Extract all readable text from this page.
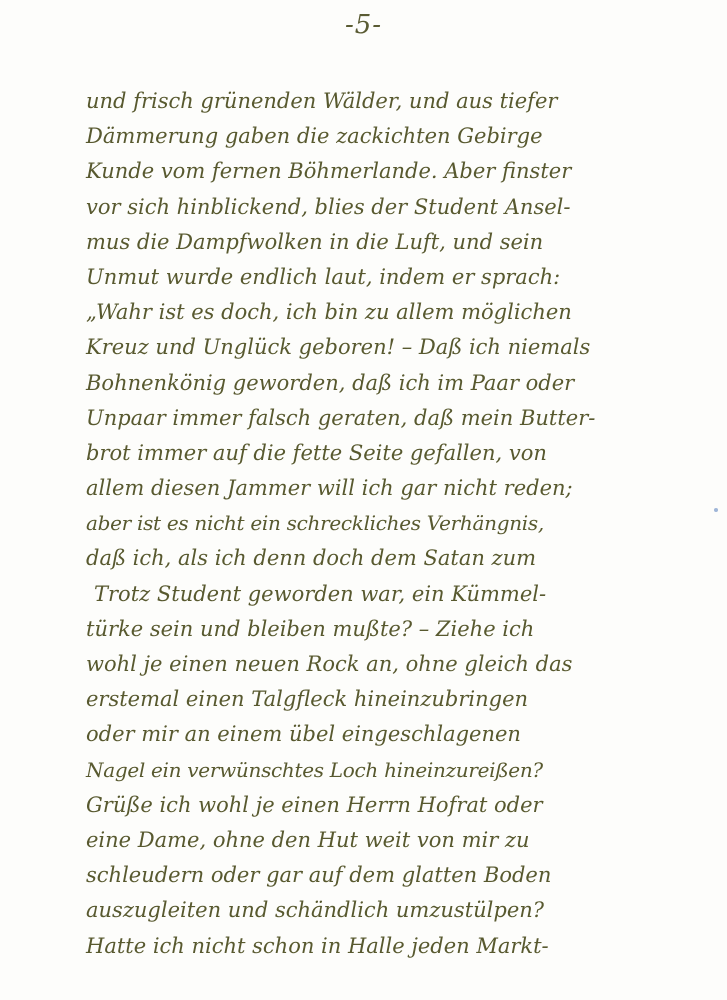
-5-
und frisch grünenden Wälder, und aus tiefer
Dämmerung gaben die zackichten Gebirge
Kunde vom fernen Böhmerlande. Aber finster
vor sich hinblickend, blies der Student Ansel-
mus die Dampfwolken in die Luft, und sein
Unmut wurde endlich laut, indem er sprach:
„Wahr ist es doch, ich bin zu allem möglichen
Kreuz und Unglück geboren! – Daß ich niemals
Bohnenkönig geworden, daß ich im Paar oder
Unpaar immer falsch geraten, daß mein Butter-
brot immer auf die fette Seite gefallen, von
allem diesen Jammer will ich gar nicht reden;
aber ist es nicht ein schreckliches Verhängnis,
daß ich, als ich denn doch dem Satan zum
Trotz Student geworden war, ein Kümmel-
türke sein und bleiben mußte? – Ziehe ich
wohl je einen neuen Rock an, ohne gleich das
erstemal einen Talgfleck hineinzubringen
oder mir an einem übel eingeschlagenen
Nagel ein verwünschtes Loch hineinzureißen?
Grüße ich wohl je einen Herrn Hofrat oder
eine Dame, ohne den Hut weit von mir zu
schleudern oder gar auf dem glatten Boden
auszugleiten und schändlich umzustülpen?
Hatte ich nicht schon in Halle jeden Markt-
